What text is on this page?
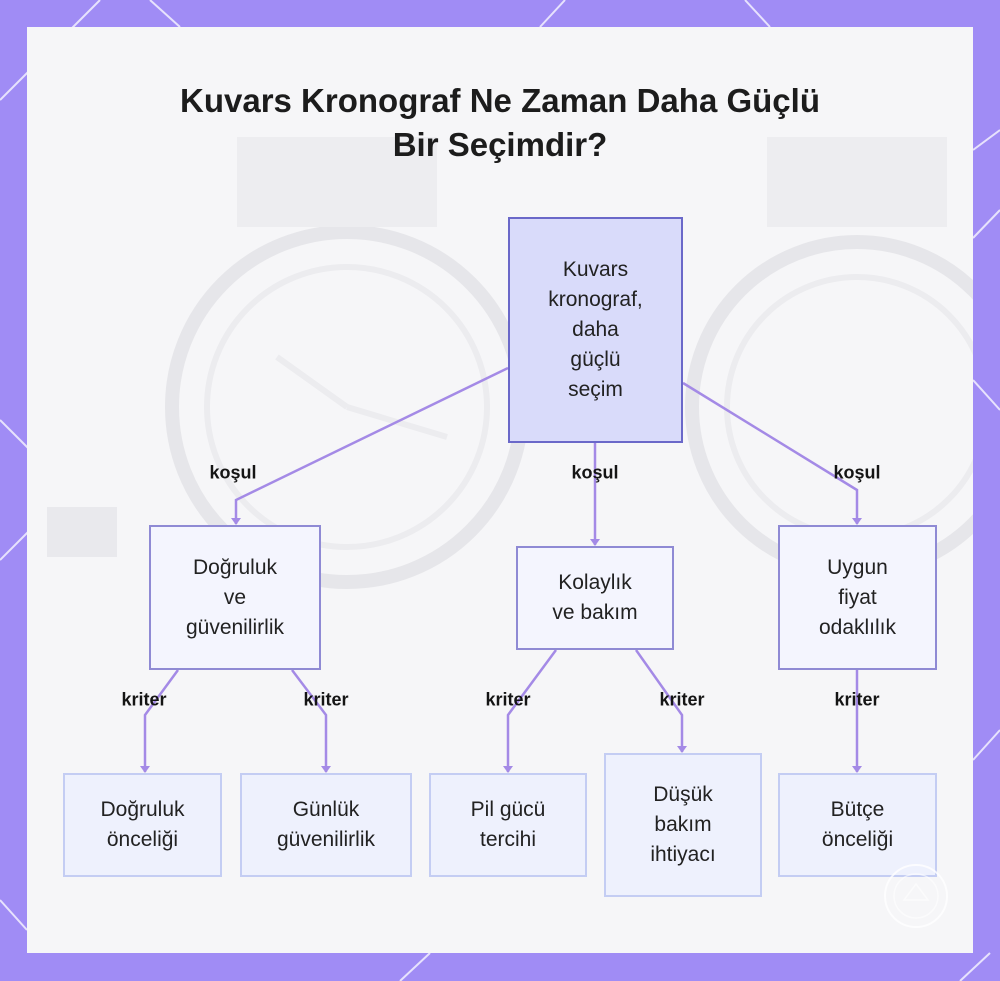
Kuvars Kronograf Ne Zaman Daha Güçlü
Bir Seçimdir?
koşul	koşul	koşul
kriter	kriter	kriter	kriter	kriter
Kuvars
kronograf,
daha
güçlü
seçim
Doğruluk
ve
güvenilirlik
Kolaylık
ve bakım
Uygun
fiyat
odaklılık
Doğruluk
önceliği
Günlük
güvenilirlik
Pil gücü
tercihi
Düşük
bakım
ihtiyacı
Bütçe
önceliği
